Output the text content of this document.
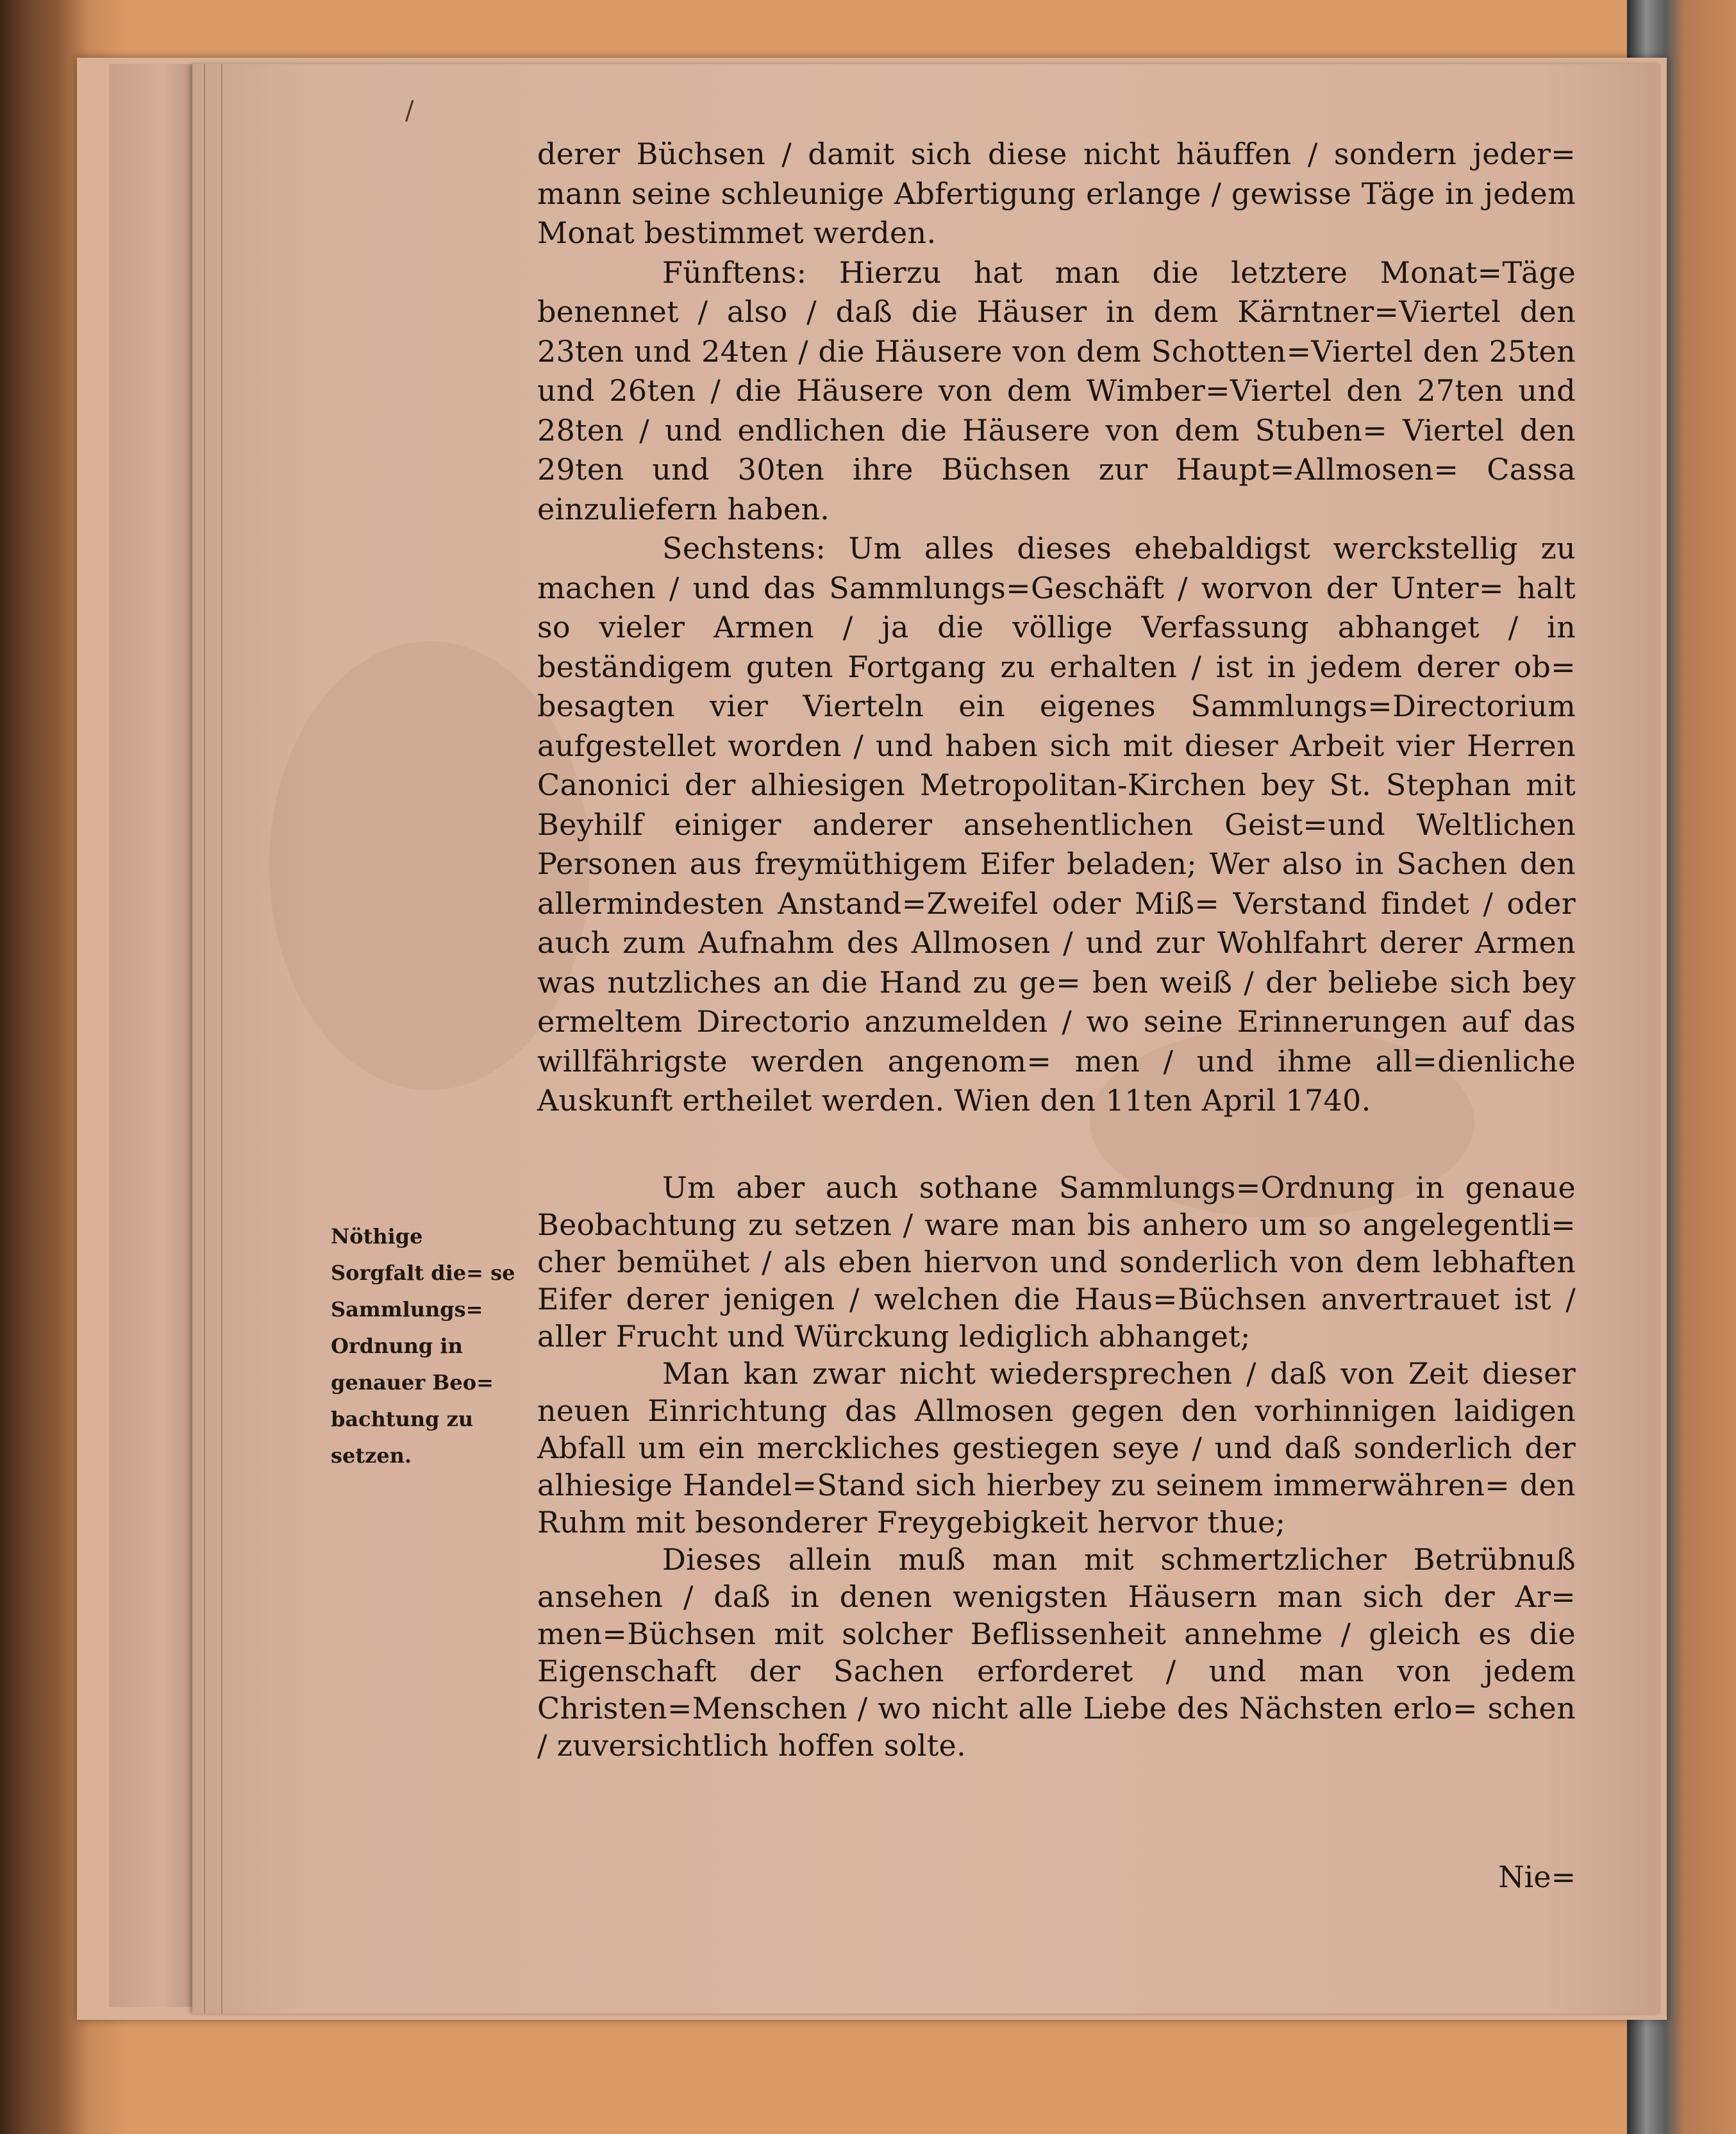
/

derer Büchsen / damit sich diese nicht häuffen / sondern jeder= mann seine schleunige Abfertigung erlange / gewisse Täge in jedem Monat bestimmet werden.

Fünftens: Hierzu hat man die letztere Monat=Täge benennet / also / daß die Häuser in dem Kärntner=Viertel den 23ten und 24ten / die Häusere von dem Schotten=Viertel den 25ten und 26ten / die Häusere von dem Wimber=Viertel den 27ten und 28ten / und endlichen die Häusere von dem Stuben= Viertel den 29ten und 30ten ihre Büchsen zur Haupt=Allmosen= Cassa einzuliefern haben.

Sechstens: Um alles dieses ehebaldigst werckstellig zu machen / und das Sammlungs=Geschäft / worvon der Unter= halt so vieler Armen / ja die völlige Verfassung abhanget / in beständigem guten Fortgang zu erhalten / ist in jedem derer ob= besagten vier Vierteln ein eigenes Sammlungs=Directorium aufgestellet worden / und haben sich mit dieser Arbeit vier Herren Canonici der alhiesigen Metropolitan-Kirchen bey St. Stephan mit Beyhilf einiger anderer ansehentlichen Geist=und Weltlichen Personen aus freymüthigem Eifer beladen; Wer also in Sachen den allermindesten Anstand=Zweifel oder Miß= Verstand findet / oder auch zum Aufnahm des Allmosen / und zur Wohlfahrt derer Armen was nutzliches an die Hand zu ge= ben weiß / der beliebe sich bey ermeltem Directorio anzumelden / wo seine Erinnerungen auf das willfährigste werden angenom= men / und ihme all=dienliche Auskunft ertheilet werden. Wien den 11ten April 1740.

Um aber auch sothane Sammlungs=Ordnung in genaue Beobachtung zu setzen / ware man bis anhero um so angelegentli= cher bemühet / als eben hiervon und sonderlich von dem lebhaften Eifer derer jenigen / welchen die Haus=Büchsen anvertrauet ist / aller Frucht und Würckung lediglich abhanget;

Man kan zwar nicht wiedersprechen / daß von Zeit dieser neuen Einrichtung das Allmosen gegen den vorhinnigen laidigen Abfall um ein merckliches gestiegen seye / und daß sonderlich der alhiesige Handel=Stand sich hierbey zu seinem immerwähren= den Ruhm mit besonderer Freygebigkeit hervor thue;

Dieses allein muß man mit schmertzlicher Betrübnuß ansehen / daß in denen wenigsten Häusern man sich der Ar= men=Büchsen mit solcher Beflissenheit annehme / gleich es die Eigenschaft der Sachen erforderet / und man von jedem Christen=Menschen / wo nicht alle Liebe des Nächsten erlo= schen / zuversichtlich hoffen solte.

Nöthige Sorgfalt die= se Sammlungs= Ordnung in genauer Beo= bachtung zu setzen.
Nie=
